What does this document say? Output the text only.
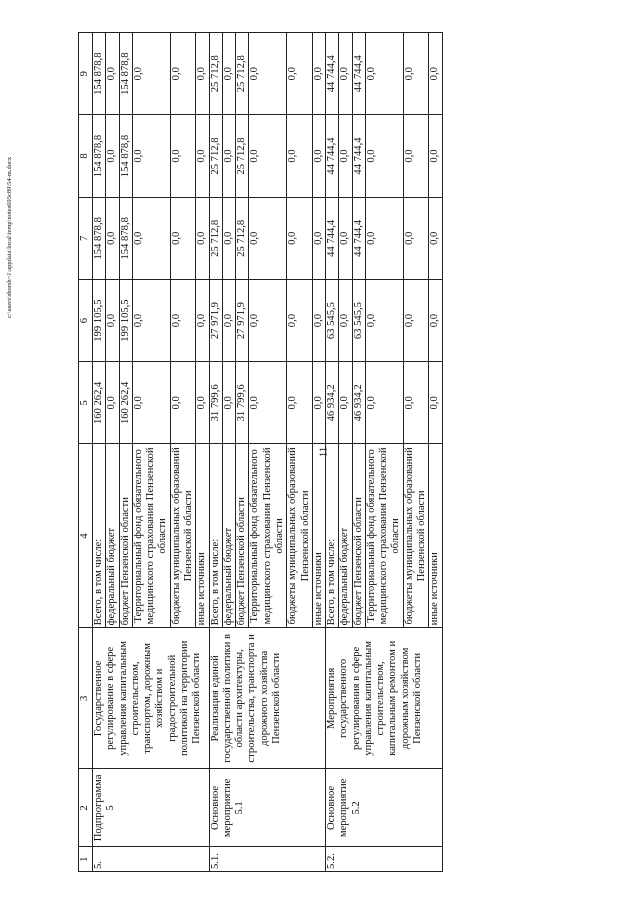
11
1	2	3	4	5	6	7	8	9
5.	Подпрограмма 5	Государственное регулирование в сфере управления капитальным строительством, транспортом, дорожным хозяйством и градостроительной политикой на территории Пензенской области	Всего, в том числе:	160 262,4	199 105,5	154 878,8	154 878,8	154 878,8
			федеральный бюджет	0,0	0,0	0,0	0,0	0,0
			бюджет Пензенской области	160 262,4	199 105,5	154 878,8	154 878,8	154 878,8
			Территориальный фонд обязательного медицинского страхования Пензенской области	0,0	0,0	0,0	0,0	0,0
			бюджеты муниципальных образований Пензенской области	0,0	0,0	0,0	0,0	0,0
			иные источники	0,0	0,0	0,0	0,0	0,0
5.1.	Основное мероприятие 5.1	Реализация единой государственной политики в области архитектуры, строительства, транспорта и дорожного хозяйства Пензенской области	Всего, в том числе:	31 799,6	27 971,9	25 712,8	25 712,8	25 712,8
			федеральный бюджет	0,0	0,0	0,0	0,0	0,0
			бюджет Пензенской области	31 799,6	27 971,9	25 712,8	25 712,8	25 712,8
			Территориальный фонд обязательного медицинского страхования Пензенской области	0,0	0,0	0,0	0,0	0,0
			бюджеты муниципальных образований Пензенской области	0,0	0,0	0,0	0,0	0,0
			иные источники	0,0	0,0	0,0	0,0	0,0
5.2.	Основное мероприятие 5.2	Мероприятия государственного регулирования в сфере управления капитальным строительством, капитальным ремонтом и дорожным хозяйством Пензенской области	Всего, в том числе:	46 934,2	63 545,5	44 744,4	44 744,4	44 744,4
			федеральный бюджет	0,0	0,0	0,0	0,0	0,0
			бюджет Пензенской области	46 934,2	63 545,5	44 744,4	44 744,4	44 744,4
			Территориальный фонд обязательного медицинского страхования Пензенской области	0,0	0,0	0,0	0,0	0,0
			бюджеты муниципальных образований Пензенской области	0,0	0,0	0,0	0,0	0,0
			иные источники	0,0	0,0	0,0	0,0	0,0
c:\users\sborsh~1\appdata\local\temp\notes693c89\54-m.docx
